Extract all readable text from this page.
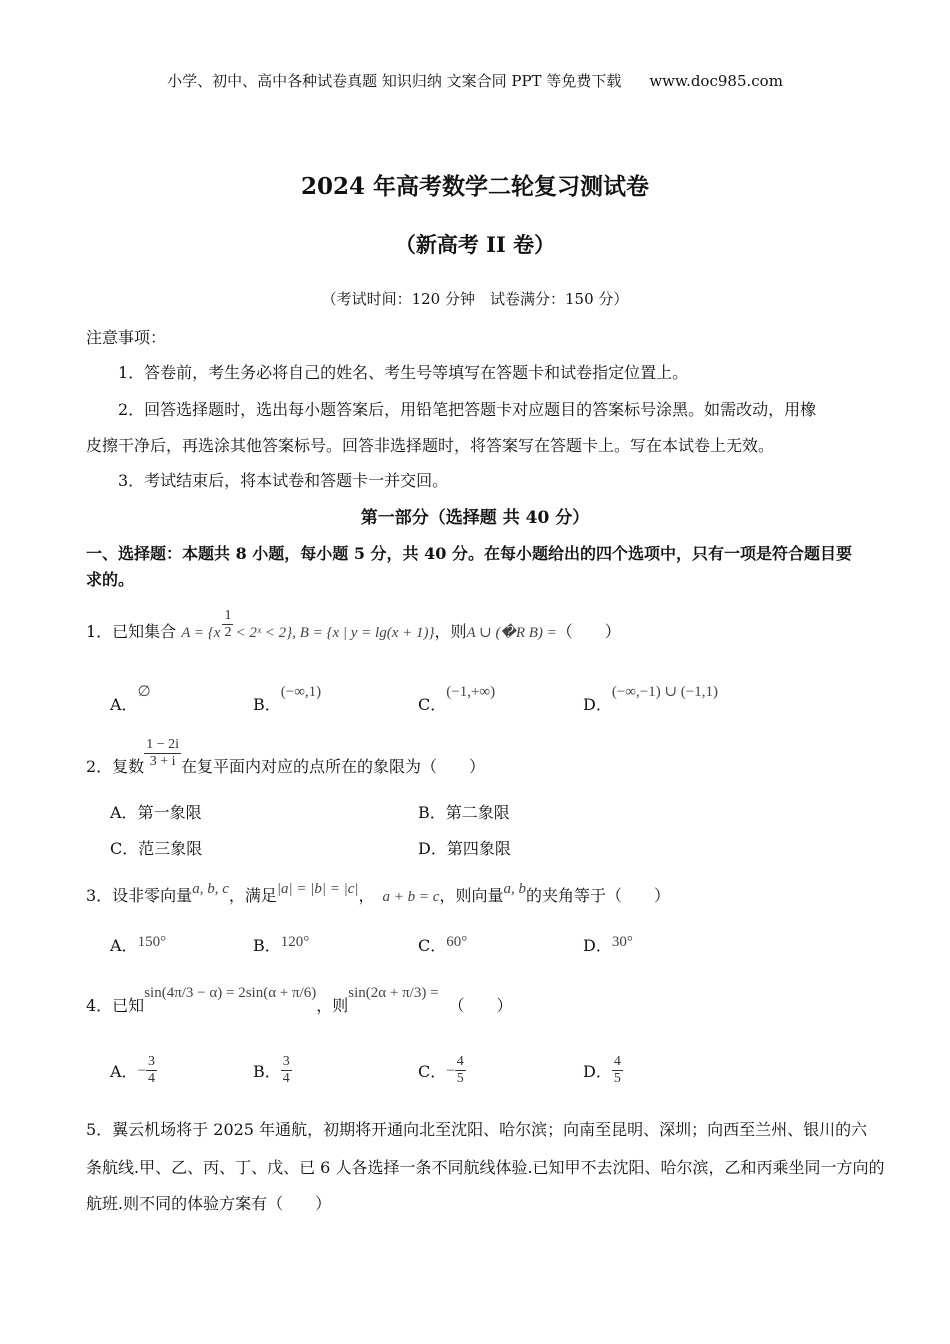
小学、初中、高中各种试卷真题 知识归纳 文案合同 PPT 等免费下载 www.doc985.com
2024 年高考数学二轮复习测试卷
（新高考 II 卷）
（考试时间：120 分钟　试卷满分：150 分）
注意事项：
1．答卷前，考生务必将自己的姓名、考生号等填写在答题卡和试卷指定位置上。
2．回答选择题时，选出每小题答案后，用铅笔把答题卡对应题目的答案标号涂黑。如需改动，用橡
皮擦干净后，再选涂其他答案标号。回答非选择题时，将答案写在答题卡上。写在本试卷上无效。
3．考试结束后，将本试卷和答题卡一并交回。
第一部分（选择题 共 40 分）
一、选择题：本题共 8 小题，每小题 5 分，共 40 分。在每小题给出的四个选项中，只有一项是符合题目要
求的。
1．已知集合 $A = \{x \frac{1}{2}$ < 2ˣ < 2}, B = {x | y = lg(x + 1)}，则A ∪ (�R B) =（　　）
A．∅
B．(−∞,1)
C．(−1,+∞)
D．(−∞,−1) ∪ (−1,1)
2．复数 $\frac{1 - 2i}{3 + i}$ 在复平面内对应的点所在的象限为（　　）
A．第一象限	B．第二象限
C．范三象限	D．第四象限
3．设非零向量a, b, c，满足|a| = |b| = |c|， a + b = c，则向量a, b的夹角等于（　　）
A．150°	B．120°	C．60°	D．30°
4．已知sin(4π/3 − α) = 2sin(α + π/6)，则sin(2α + π/3) =（　　）
A．− $\frac{3}{4}$	B． $\frac{3}{4}$	C．− $\frac{4}{5}$	D． $\frac{4}{5}$
5．翼云机场将于 2025 年通航，初期将开通向北至沈阳、哈尔滨；向南至昆明、深圳；向西至兰州、银川的六
条航线.甲、乙、丙、丁、戊、已 6 人各选择一条不同航线体验.已知甲不去沈阳、哈尔滨，乙和丙乘坐同一方向的
航班.则不同的体验方案有（　　）
